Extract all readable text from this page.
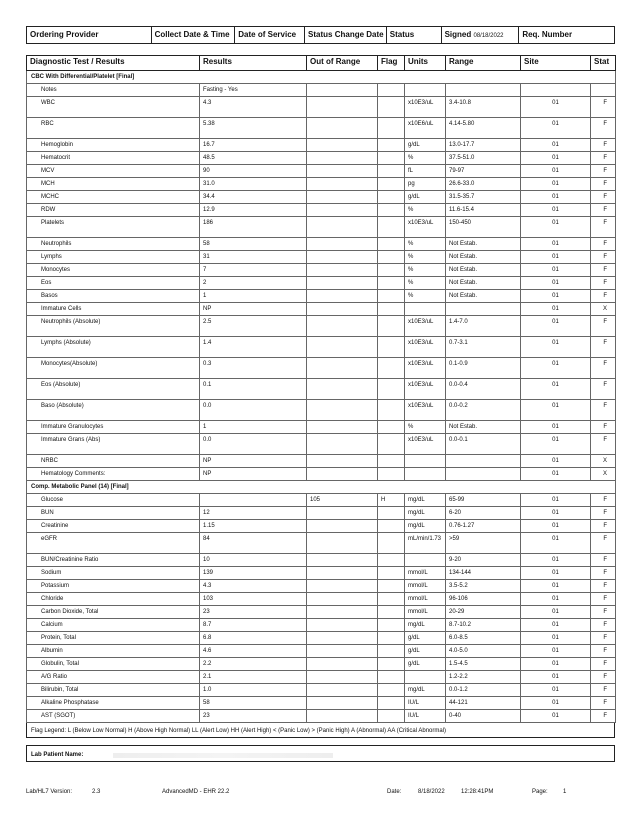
Ordering Provider	Collect Date & Time	Date of Service	Status Change Date Status	Signed 08/18/2022	Req. Number
Diagnostic Test / Results	Results	Out of Range	Flag	Units	Range	Site	Stat
CBC With Differential/Platelet [Final]							
Notes	Fasting - Yes						
WBC	4.3			x10E3/uL	3.4-10.8	01	F
RBC	5.38			x10E6/uL	4.14-5.80	01	F
Hemoglobin	16.7			g/dL	13.0-17.7	01	F
Hematocrit	48.5			%	37.5-51.0	01	F
MCV	90			fL	79-97	01	F
MCH	31.0			pg	26.6-33.0	01	F
MCHC	34.4			g/dL	31.5-35.7	01	F
RDW	12.9			%	11.6-15.4	01	F
Platelets	186			x10E3/uL	150-450	01	F
Neutrophils	58			%	Not Estab.	01	F
Lymphs	31			%	Not Estab.	01	F
Monocytes	7			%	Not Estab.	01	F
Eos	2			%	Not Estab.	01	F
Basos	1			%	Not Estab.	01	F
Immature Cells	NP					01	X
Neutrophils (Absolute)	2.5			x10E3/uL	1.4-7.0	01	F
Lymphs (Absolute)	1.4			x10E3/uL	0.7-3.1	01	F
Monocytes(Absolute)	0.3			x10E3/uL	0.1-0.9	01	F
Eos (Absolute)	0.1			x10E3/uL	0.0-0.4	01	F
Baso (Absolute)	0.0			x10E3/uL	0.0-0.2	01	F
Immature Granulocytes	1			%	Not Estab.	01	F
Immature Grans (Abs)	0.0			x10E3/uL	0.0-0.1	01	F
NRBC	NP					01	X
Hematology Comments:	NP					01	X
Comp. Metabolic Panel (14) [Final]							
Glucose		105	H	mg/dL	65-99	01	F
BUN	12			mg/dL	6-20	01	F
Creatinine	1.15			mg/dL	0.76-1.27	01	F
eGFR	84			mL/min/1.73	>59	01	F
BUN/Creatinine Ratio	10				9-20	01	F
Sodium	139			mmol/L	134-144	01	F
Potassium	4.3			mmol/L	3.5-5.2	01	F
Chloride	103			mmol/L	96-106	01	F
Carbon Dioxide, Total	23			mmol/L	20-29	01	F
Calcium	8.7			mg/dL	8.7-10.2	01	F
Protein, Total	6.8			g/dL	6.0-8.5	01	F
Albumin	4.6			g/dL	4.0-5.0	01	F
Globulin, Total	2.2			g/dL	1.5-4.5	01	F
A/G Ratio	2.1				1.2-2.2	01	F
Bilirubin, Total	1.0			mg/dL	0.0-1.2	01	F
Alkaline Phosphatase	58			IU/L	44-121	01	F
AST (SGOT)	23			IU/L	0-40	01	F
Flag Legend: L (Below Low Normal) H (Above High Normal) LL (Alert Low) HH (Alert High) < (Panic Low) > (Panic High) A (Abnormal) AA (Critical Abnormal)
Lab Patient Name:
Lab/HL7 Version:	2.3	AdvancedMD - EHR 22.2	Date:	8/18/2022	12:28:41PM	Page:	1
